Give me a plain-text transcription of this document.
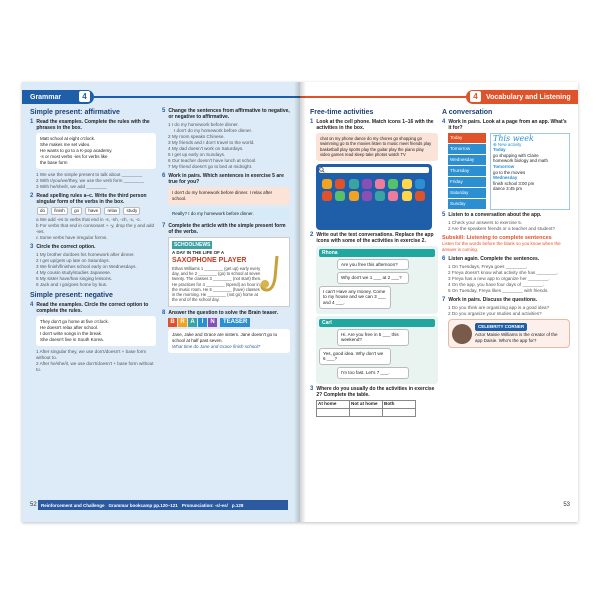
Grammar	4
Simple present: affirmative
1 Read the examples. Complete the rules with the phrases in the box.
Matt school at eight o'clock.
She makes me set video.
He wants to go to a K-pop academy.
-s or most verbs -ies for verbs like
the base form
1 We use the simple present to talk about ________
2 With I/you/we/they, we use the verb form ________
3 With he/she/it, we add ________
2 Read spelling rules a–c. Write the third person singular form of the verbs in the box.
do finish go have relax study
a We add -es to verbs that end in -s, -sh, -ch, -x, -o.
b For verbs that end in consonant + -y, drop the y and add -ies.
c Some verbs have irregular forms.
3 Circle the correct option.
1 My brother do/does his homework after dinner.
2 I get up/gets up late on Saturdays.
3 We finish/finishes school early on Wednesdays.
4 My cousin study/studies Japanese.
5 My sister have/has singing lessons.
6 Jack and I go/goes home by bus.
Simple present: negative
4 Read the examples. Circle the correct option to complete the rules.
They don't go home at five o'clock.
He doesn't relax after school.
I don't write songs in the break.
She doesn't live in South Korea.
1 After singular they, we use don't/doesn't + base form without to.
2 After he/she/it, we use don't/doesn't + base form without to.
5 Change the sentences from affirmative to negative, or negative to affirmative.
1 I do my homework before dinner.
I don't do my homework before dinner.
2 My mom speaks Chinese.
3 My friends and I don't travel to the world.
4 My dad doesn't work on Saturdays.
5 I get up early on Sundays.
6 Our teacher doesn't have lunch at school.
7 My friend doesn't go to bed at midnight.
6 Work in pairs. Which sentences in exercise 5 are true for you?
I don't do my homework before dinner. I relax after school.
Really? I do my homework before dinner.
7 Complete the article with the simple present form of the verbs.
SCHOOLNEWS
A DAY IN THE LIFE OF A
SAXOPHONE PLAYER
Ethan Williams 1 ________ (get up) early every day, and he 2 ________ (go) to school at seven twenty. The classes 3 ________ (not start) then. He practices for 4 ________ (spend) an hour in the music room. He 5 ________ (have) classes in the morning. He ________ (not go) home at the end of the school day.
8 Answer the question to solve the Brain teaser.
B R A	I	N	TEASER
Jane, Jake and Grace are sisters. Jane doesn't go to school at half past seven.
What time do Jane and Grace finish school?
Reinforcement and Challenge Grammar bookcamp pp.120–121 Pronunciation: -s/-es/ p.128
52
4	Vocabulary and Listening
Free-time activities
1 Look at the cell phone. Match icons 1–16 with the activities in the box.
chat on my phone dance do my chores go shopping go swimming go to the movies listen to music meet friends play basketball play sports play the guitar play the piano play video games read sleep take photos watch TV
2 Write out the text conversations. Replace the app icons with some of the activities in exercise 2.
Rhona
Are you free this afternoon?
Why don't we 1 ___ at 2 ___?
I can't Have any money. Come to my house and we can 3 ___ and 4 ___.
Carl
Hi. Are you free in 5 ___ this weekend?
Yes, good idea. Why don't we 6 ___?
I'm too fast. Let's 7 ___.
3 Where do you usually do the activities in exercise 2? Complete the table.
At home	Not at home	Both

A conversation
4 Work in pairs. Look at a page from an app. What's it for?
Today
Tomorrow
Wednesday
Thursday
Friday
Saturday
Sunday
This week
⊕ New activity
Today
go shopping with Claire
homework biology and math
Tomorrow
go to the movies
Wednesday
finish school 3:00 pm
dance 3:45 pm
5 Listen to a conversation about the app.
1 Check your answers to exercise 5.
2 Are the speakers friends or a teacher and student?
Subskill: Listening to complete sentences
Listen for the words before the blank so you know when the answer is coming.
6 Listen again. Complete the sentences.
1 On Tuesdays, Freya goes ________.
2 Freya doesn't know what activity she has ________.
3 Freya has a new app to organize her ________.
4 On the app, you have four days of ________.
5 On Tuesday, Freya likes ________ with friends.
7 Work in pairs. Discuss the questions.
1 Do you think are organizing app is a good idea?
2 Do you organize your studies and activities?
CELEBRITY CORNER
Actor Maisie Williams is the creator of the app Daisie. Who's the app for?
53
